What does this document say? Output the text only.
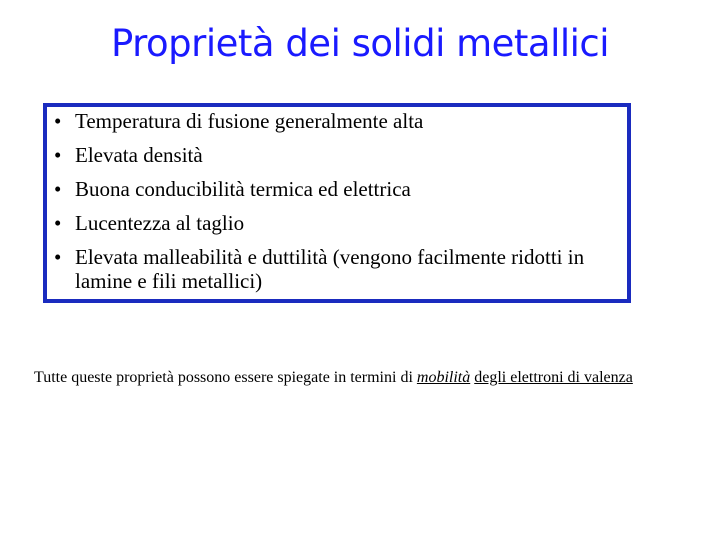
Proprietà dei solidi metallici
• Temperatura di fusione generalmente alta
• Elevata densità
• Buona conducibilità termica ed elettrica
• Lucentezza al taglio
• Elevata malleabilità e duttilità (vengono facilmente ridotti in lamine e fili metallici)
Tutte queste proprietà possono essere spiegate in termini di mobilità degli elettroni di valenza
